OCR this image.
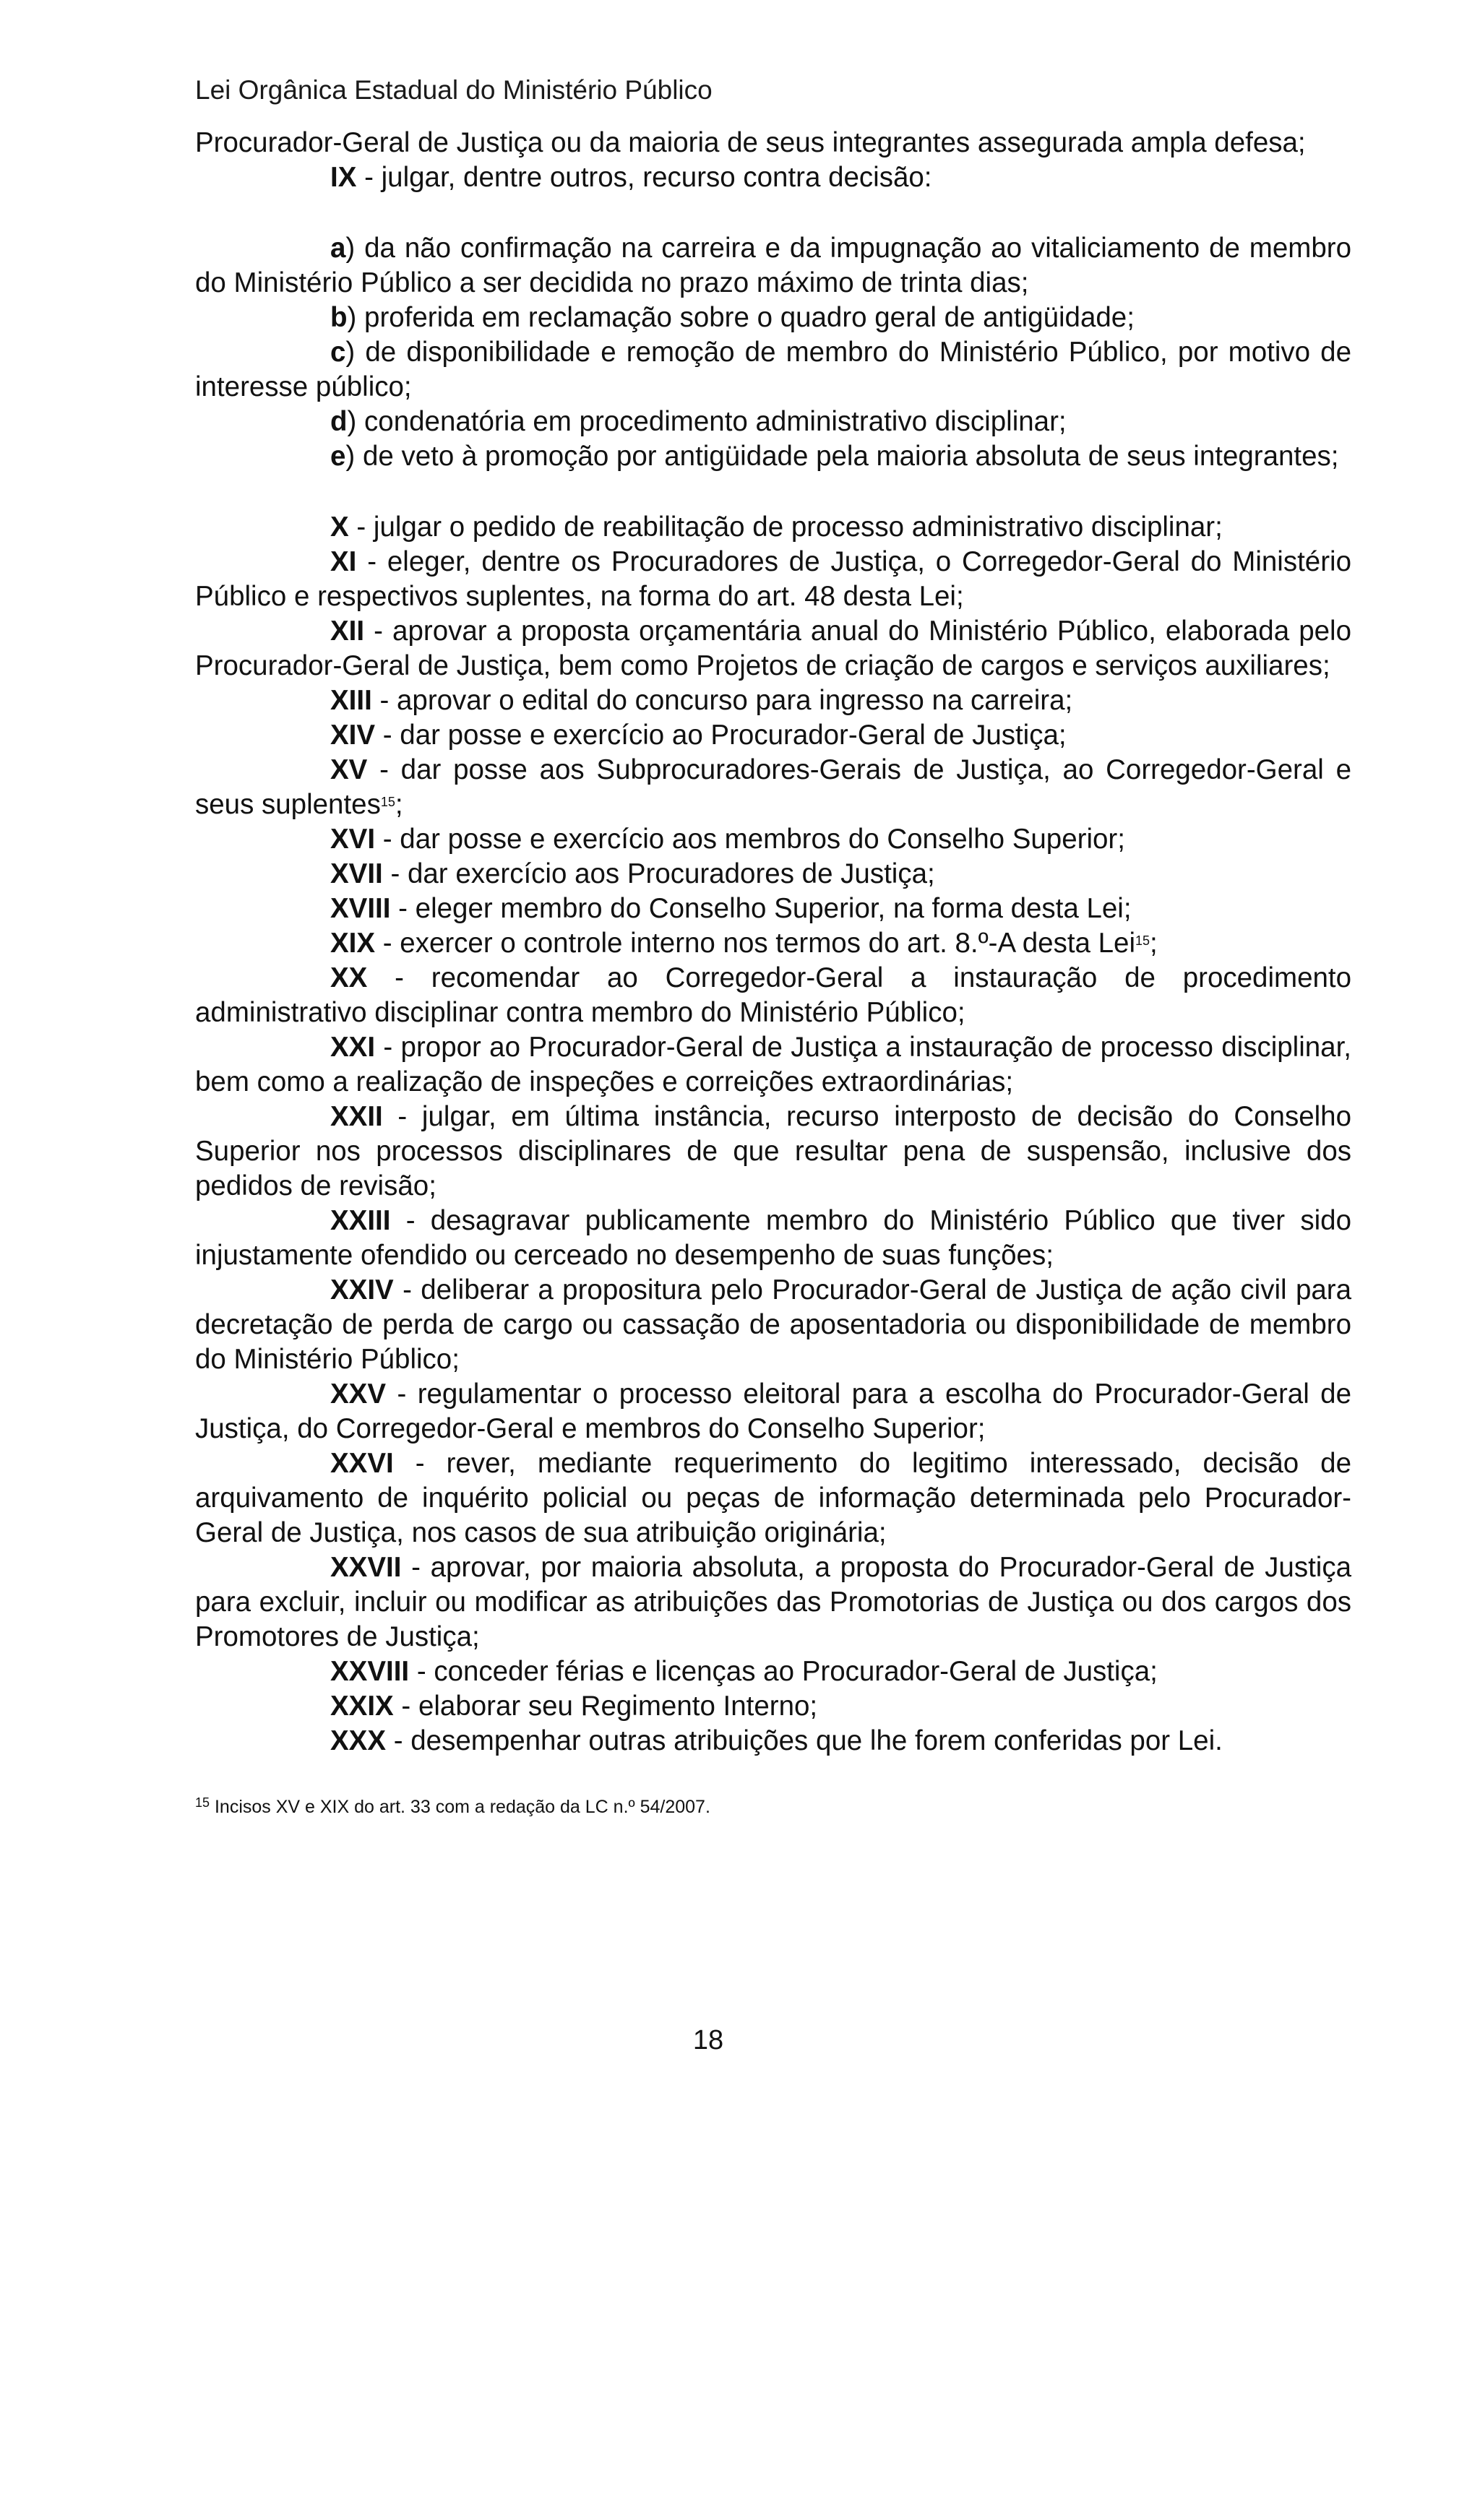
Lei Orgânica Estadual do Ministério Público

Procurador-Geral de Justiça ou da maioria de seus integrantes assegurada ampla defesa;

IX - julgar, dentre outros, recurso contra decisão:

a) da não confirmação na carreira e da impugnação ao vitaliciamento de membro do Ministério Público a ser decidida no prazo máximo de trinta dias;

b) proferida em reclamação sobre o quadro geral de antigüidade;

c) de disponibilidade e remoção de membro do Ministério Público, por motivo de interesse público;

d) condenatória em procedimento administrativo disciplinar;

e) de veto à promoção por antigüidade pela maioria absoluta de seus integrantes;

X - julgar o pedido de reabilitação de processo administrativo disciplinar;

XI - eleger, dentre os Procuradores de Justiça, o Corregedor-Geral do Ministério Público e respectivos suplentes, na forma do art. 48 desta Lei;

XII - aprovar a proposta orçamentária anual do Ministério Público, elaborada pelo Procurador-Geral de Justiça, bem como Projetos de criação de cargos e serviços auxiliares;

XIII - aprovar o edital do concurso para ingresso na carreira;

XIV - dar posse e exercício ao Procurador-Geral de Justiça;

XV - dar posse aos Subprocuradores-Gerais de Justiça, ao Corregedor-Geral e seus suplentes$^{15}$;

XVI - dar posse e exercício aos membros do Conselho Superior;

XVII - dar exercício aos Procuradores de Justiça;

XVIII - eleger membro do Conselho Superior, na forma desta Lei;

XIX - exercer o controle interno nos termos do art. 8.º-A desta Lei$^{15}$;

XX - recomendar ao Corregedor-Geral a instauração de procedimento administrativo disciplinar contra membro do Ministério Público;

XXI - propor ao Procurador-Geral de Justiça a instauração de processo disciplinar, bem como a realização de inspeções e correições extraordinárias;

XXII - julgar, em última instância, recurso interposto de decisão do Conselho Superior nos processos disciplinares de que resultar pena de suspensão, inclusive dos pedidos de revisão;

XXIII - desagravar publicamente membro do Ministério Público que tiver sido injustamente ofendido ou cerceado no desempenho de suas funções;

XXIV - deliberar a propositura pelo Procurador-Geral de Justiça de ação civil para decretação de perda de cargo ou cassação de aposentadoria ou disponibilidade de membro do Ministério Público;

XXV - regulamentar o processo eleitoral para a escolha do Procurador-Geral de Justiça, do Corregedor-Geral e membros do Conselho Superior;

XXVI - rever, mediante requerimento do legitimo interessado, decisão de arquivamento de inquérito policial ou peças de informação determinada pelo Procurador-Geral de Justiça, nos casos de sua atribuição originária;

XXVII - aprovar, por maioria absoluta, a proposta do Procurador-Geral de Justiça para excluir, incluir ou modificar as atribuições das Promotorias de Justiça ou dos cargos dos Promotores de Justiça;

XXVIII - conceder férias e licenças ao Procurador-Geral de Justiça;

XXIX - elaborar seu Regimento Interno;

XXX - desempenhar outras atribuições que lhe forem conferidas por Lei.

$^{15}$ Incisos XV e XIX do art. 33 com a redação da LC n.º 54/2007.
18
